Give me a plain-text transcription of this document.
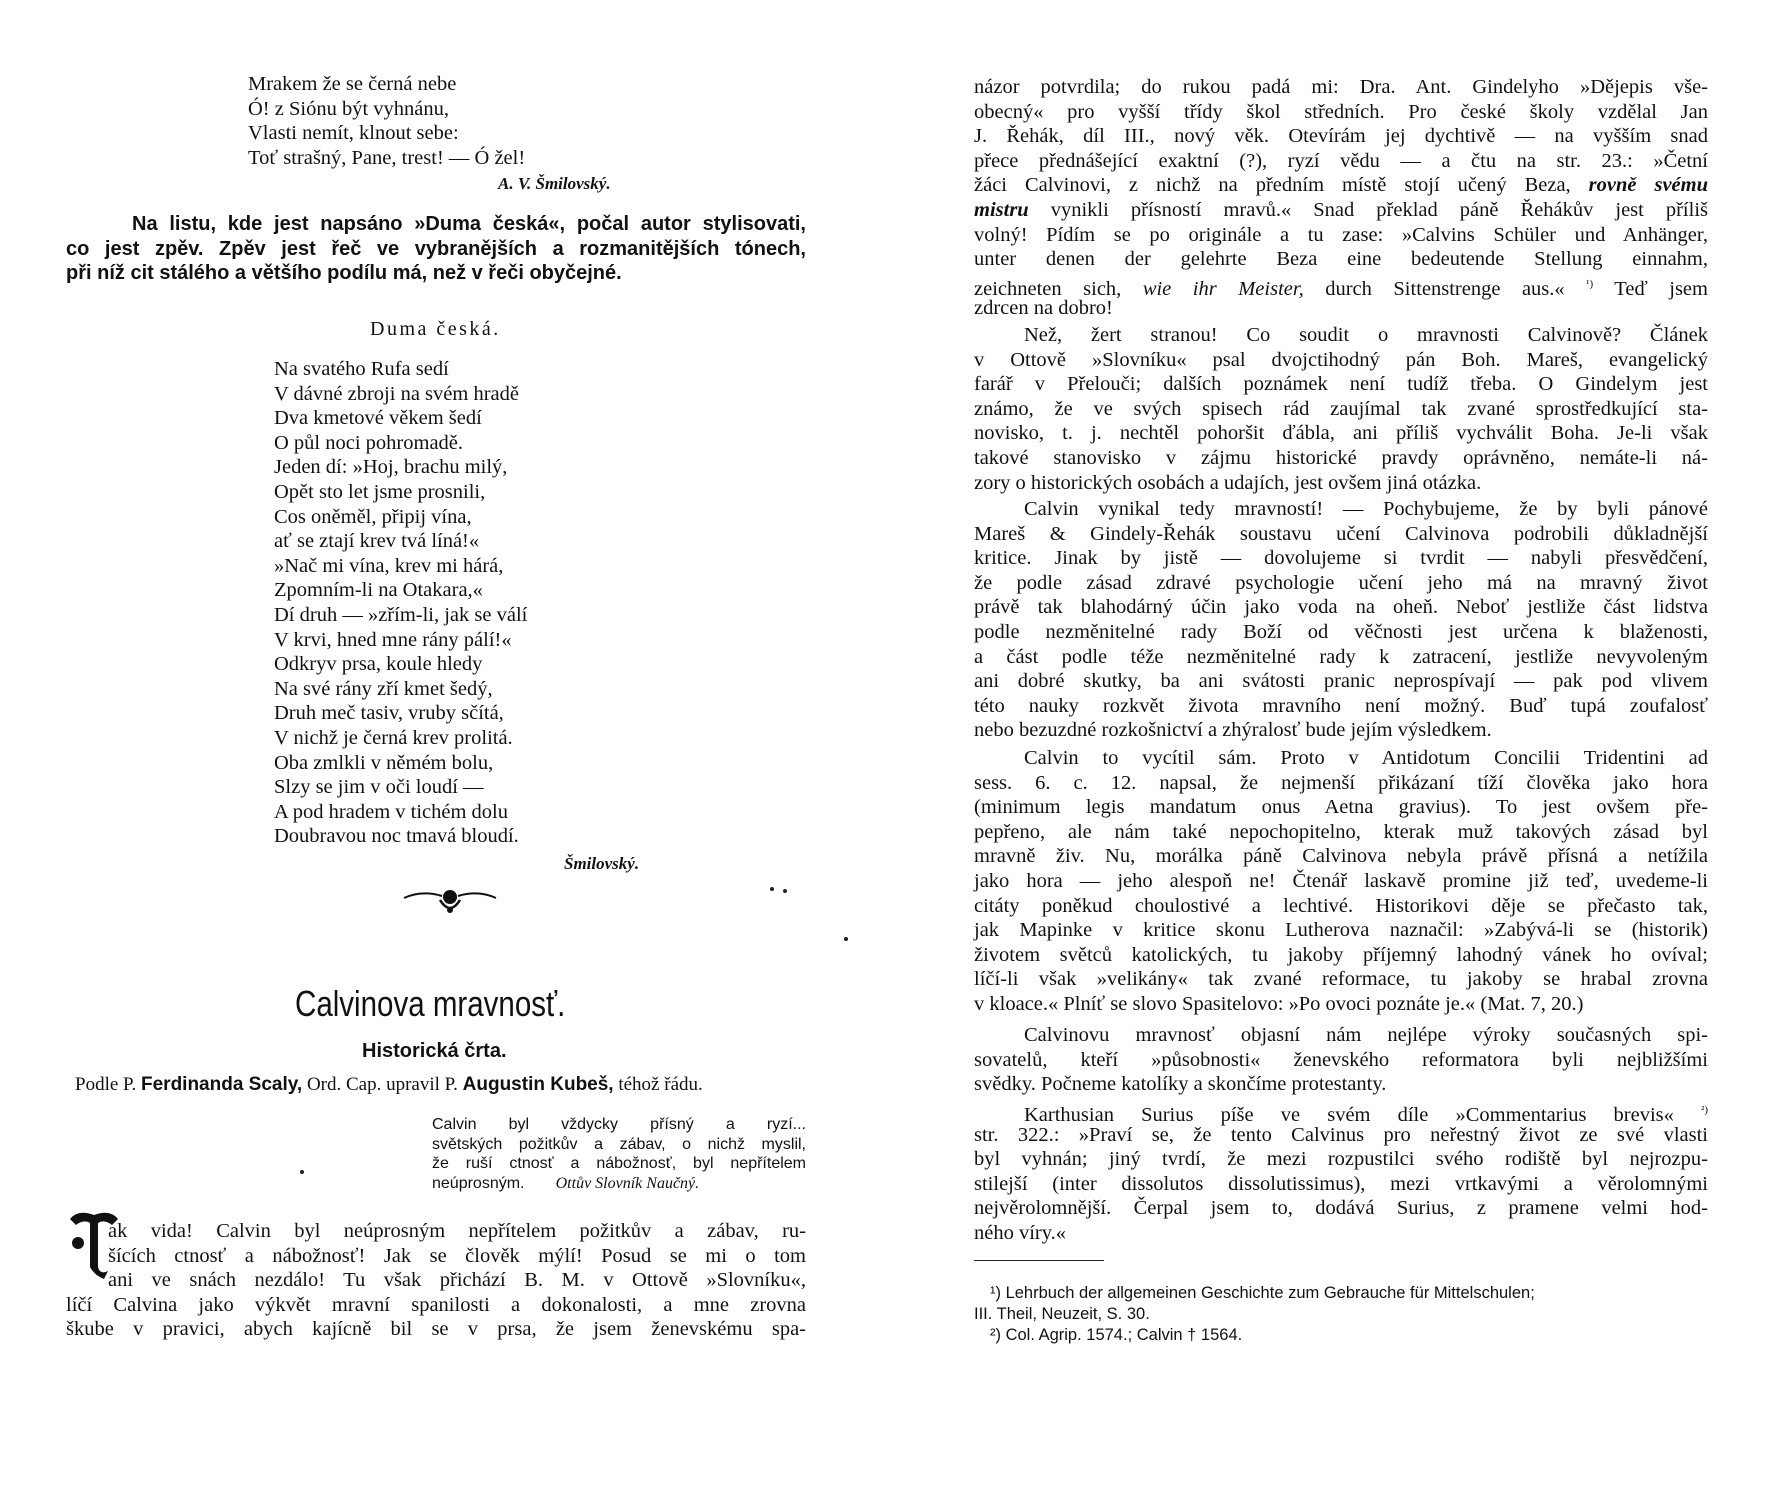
Mrakem že se černá nebe
Ó! z Siónu být vyhnánu,
Vlasti nemít, klnout sebe:
Toť strašný, Pane, trest! — Ó žel!
A. V. Šmilovský.
Na listu, kde jest napsáno »Duma česká«, počal autor stylisovati,
co jest zpěv. Zpěv jest řeč ve vybranějších a rozmanitějších tónech,
při níž cit stálého a většího podílu má, než v řeči obyčejné.
Duma česká.
Na svatého Rufa sedí
V dávné zbroji na svém hradě
Dva kmetové věkem šedí
O půl noci pohromadě.
Jeden dí: »Hoj, brachu milý,
Opět sto let jsme prosnili,
Cos oněměl, připij vína,
ať se ztají krev tvá líná!«
»Nač mi vína, krev mi hárá,
Zpomním-li na Otakara,«
Dí druh — »zřím-li, jak se válí
V krvi, hned mne rány pálí!«
Odkryv prsa, koule hledy
Na své rány zří kmet šedý,
Druh meč tasiv, vruby sčítá,
V nichž je černá krev prolitá.
Oba zmlkli v němém bolu,
Slzy se jim v oči loudí —
A pod hradem v tichém dolu
Doubravou noc tmavá bloudí.
Šmilovský.
Calvinova mravnosť.
Historická črta.
Podle P. Ferdinanda Scaly, Ord. Cap. upravil P. Augustin Kubeš, téhož řádu.
Calvin byl vždycky přísný a ryzí...
světských požitkův a zábav, o nichž myslil,
že ruší ctnosť a nábožnosť, byl nepřítelem
neúprosným. Ottův Slovník Naučný.
ak vida! Calvin byl neúprosným nepřítelem požitkův a zábav, ru-
šících ctnosť a nábožnosť! Jak se člověk mýlí! Posud se mi o tom
ani ve snách nezdálo! Tu však přichází B. M. v Ottově »Slovníku«,
líčí Calvina jako výkvět mravní spanilosti a dokonalosti, a mne zrovna
škube v pravici, abych kajícně bil se v prsa, že jsem ženevskému spa-
názor potvrdila; do rukou padá mi: Dra. Ant. Gindelyho »Dějepis vše-
obecný« pro vyšší třídy škol středních. Pro české školy vzdělal Jan
J. Řehák, díl III., nový věk. Otevírám jej dychtivě — na vyšším snad
přece přednášející exaktní (?), ryzí vědu — a čtu na str. 23.: »Četní
žáci Calvinovi, z nichž na předním místě stojí učený Beza, rovně svému
mistru vynikli přísností mravů.« Snad překlad páně Řehákův jest příliš
volný! Pídím se po originále a tu zase: »Calvins Schüler und Anhänger,
unter denen der gelehrte Beza eine bedeutende Stellung einnahm,
zeichneten sich, wie ihr Meister, durch Sittenstrenge aus.« $^{^1)}$ Teď jsem
zdrcen na dobro!
Než, žert stranou! Co soudit o mravnosti Calvinově? Článek
v Ottově »Slovníku« psal dvojctihodný pán Boh. Mareš, evangelický
farář v Přelouči; dalších poznámek není tudíž třeba. O Gindelym jest
známo, že ve svých spisech rád zaujímal tak zvané sprostředkující sta-
novisko, t. j. nechtěl pohoršit ďábla, ani příliš vychválit Boha. Je-li však
takové stanovisko v zájmu historické pravdy oprávněno, nemáte-li ná-
zory o historických osobách a udajích, jest ovšem jiná otázka.
Calvin vynikal tedy mravností! — Pochybujeme, že by byli pánové
Mareš & Gindely-Řehák soustavu učení Calvinova podrobili důkladnější
kritice. Jinak by jistě — dovolujeme si tvrdit — nabyli přesvědčení,
že podle zásad zdravé psychologie učení jeho má na mravný život
právě tak blahodárný účin jako voda na oheň. Neboť jestliže část lidstva
podle nezměnitelné rady Boží od věčnosti jest určena k blaženosti,
a část podle téže nezměnitelné rady k zatracení, jestliže nevyvoleným
ani dobré skutky, ba ani svátosti pranic neprospívají — pak pod vlivem
této nauky rozkvět života mravního není možný. Buď tupá zoufalosť
nebo bezuzdné rozkošnictví a zhýralosť bude jejím výsledkem.
Calvin to vycítil sám. Proto v Antidotum Concilii Tridentini ad
sess. 6. c. 12. napsal, že nejmenší přikázaní tíží člověka jako hora
(minimum legis mandatum onus Aetna gravius). To jest ovšem pře-
pepřeno, ale nám také nepochopitelno, kterak muž takových zásad byl
mravně živ. Nu, morálka páně Calvinova nebyla právě přísná a netížila
jako hora — jeho alespoň ne! Čtenář laskavě promine již teď, uvedeme-li
citáty poněkud choulostivé a lechtivé. Historikovi děje se přečasto tak,
jak Mapinke v kritice skonu Lutherova naznačil: »Zabývá-li se (historik)
životem světců katolických, tu jakoby příjemný lahodný vánek ho ovíval;
líčí-li však »velikány« tak zvané reformace, tu jakoby se hrabal zrovna
v kloace.« Plníť se slovo Spasitelovo: »Po ovoci poznáte je.« (Mat. 7, 20.)
Calvinovu mravnosť objasní nám nejlépe výroky současných spi-
sovatelů, kteří »působnosti« ženevského reformatora byli nejbližšími
svědky. Počneme katolíky a skončíme protestanty.
Karthusian Surius píše ve svém díle »Commentarius brevis« $^{^2)}$
str. 322.: »Praví se, že tento Calvinus pro neřestný život ze své vlasti
byl vyhnán; jiný tvrdí, že mezi rozpustilci svého rodiště byl nejrozpu-
stilejší (inter dissolutos dissolutissimus), mezi vrtkavými a věrolomnými
nejvěrolomnější. Čerpal jsem to, dodává Surius, z pramene velmi hod-
ného víry.«
¹) Lehrbuch der allgemeinen Geschichte zum Gebrauche für Mittelschulen;
III. Theil, Neuzeit, S. 30.
²) Col. Agrip. 1574.; Calvin † 1564.
